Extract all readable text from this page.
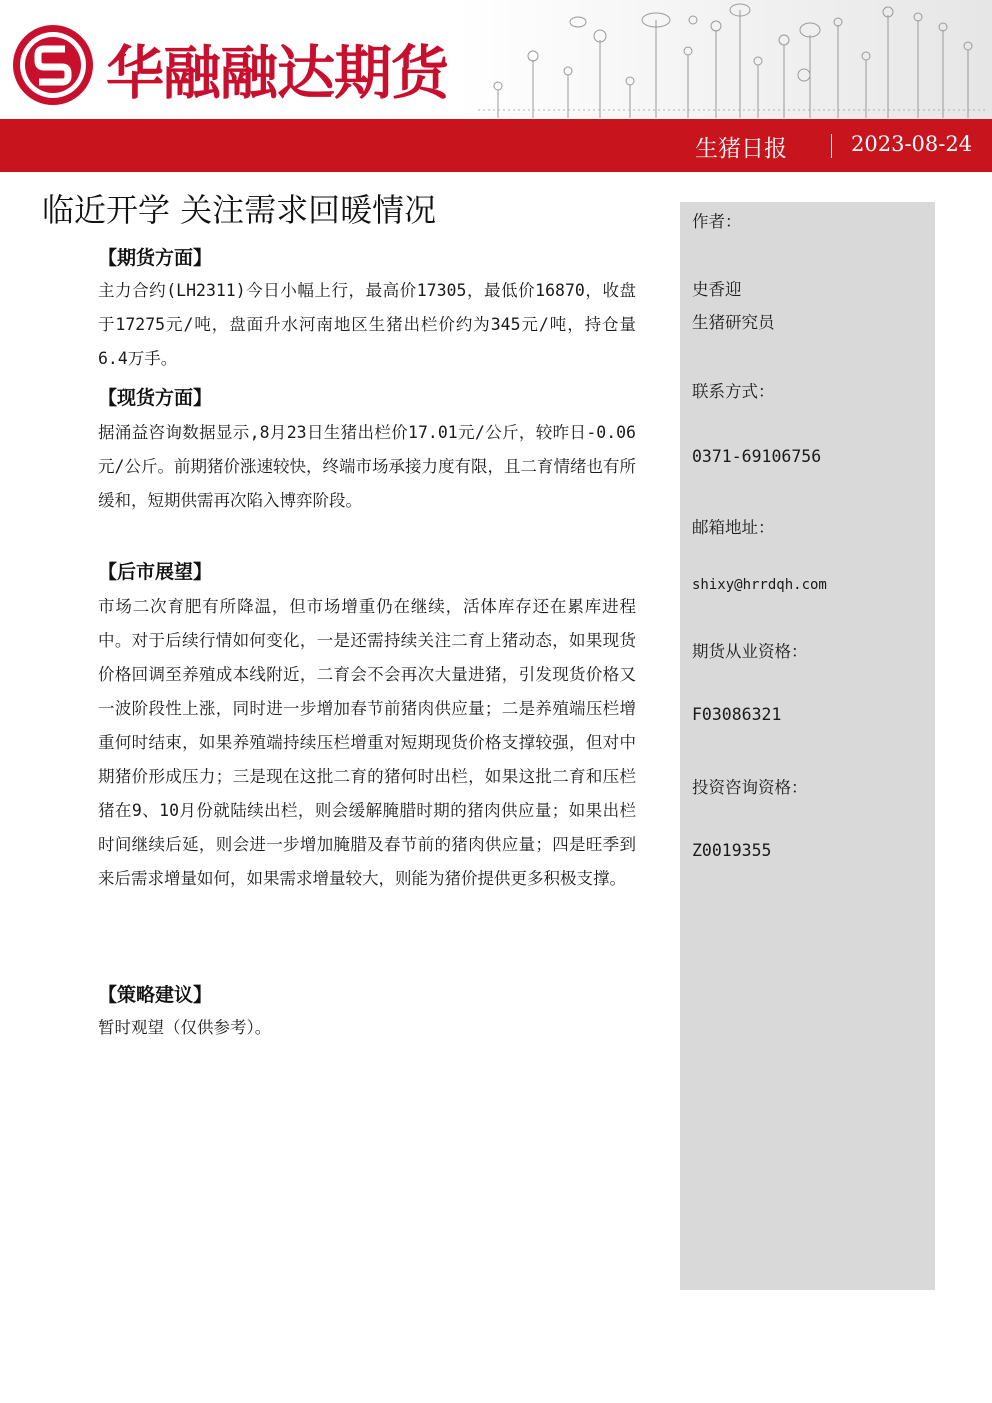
华融融达期货
生猪日报	2023-08-24
临近开学 关注需求回暖情况
【期货方面】
主力合约(LH2311)今日小幅上行，最高价17305，最低价16870，收盘于17275元/吨，盘面升水河南地区生猪出栏价约为345元/吨，持仓量6.4万手。
【现货方面】
据涌益咨询数据显示,8月23日生猪出栏价17.01元/公斤，较昨日-0.06元/公斤。前期猪价涨速较快，终端市场承接力度有限，且二育情绪也有所缓和，短期供需再次陷入博弈阶段。
【后市展望】
市场二次育肥有所降温，但市场增重仍在继续，活体库存还在累库进程中。对于后续行情如何变化，一是还需持续关注二育上猪动态，如果现货价格回调至养殖成本线附近，二育会不会再次大量进猪，引发现货价格又一波阶段性上涨，同时进一步增加春节前猪肉供应量；二是养殖端压栏增重何时结束，如果养殖端持续压栏增重对短期现货价格支撑较强，但对中期猪价形成压力；三是现在这批二育的猪何时出栏，如果这批二育和压栏猪在9、10月份就陆续出栏，则会缓解腌腊时期的猪肉供应量；如果出栏时间继续后延，则会进一步增加腌腊及春节前的猪肉供应量；四是旺季到来后需求增量如何，如果需求增量较大，则能为猪价提供更多积极支撑。
【策略建议】
暂时观望（仅供参考）。
作者：
史香迎
生猪研究员
联系方式：
0371-69106756
邮箱地址：
shixy@hrrdqh.com
期货从业资格：
F03086321
投资咨询资格：
Z0019355
